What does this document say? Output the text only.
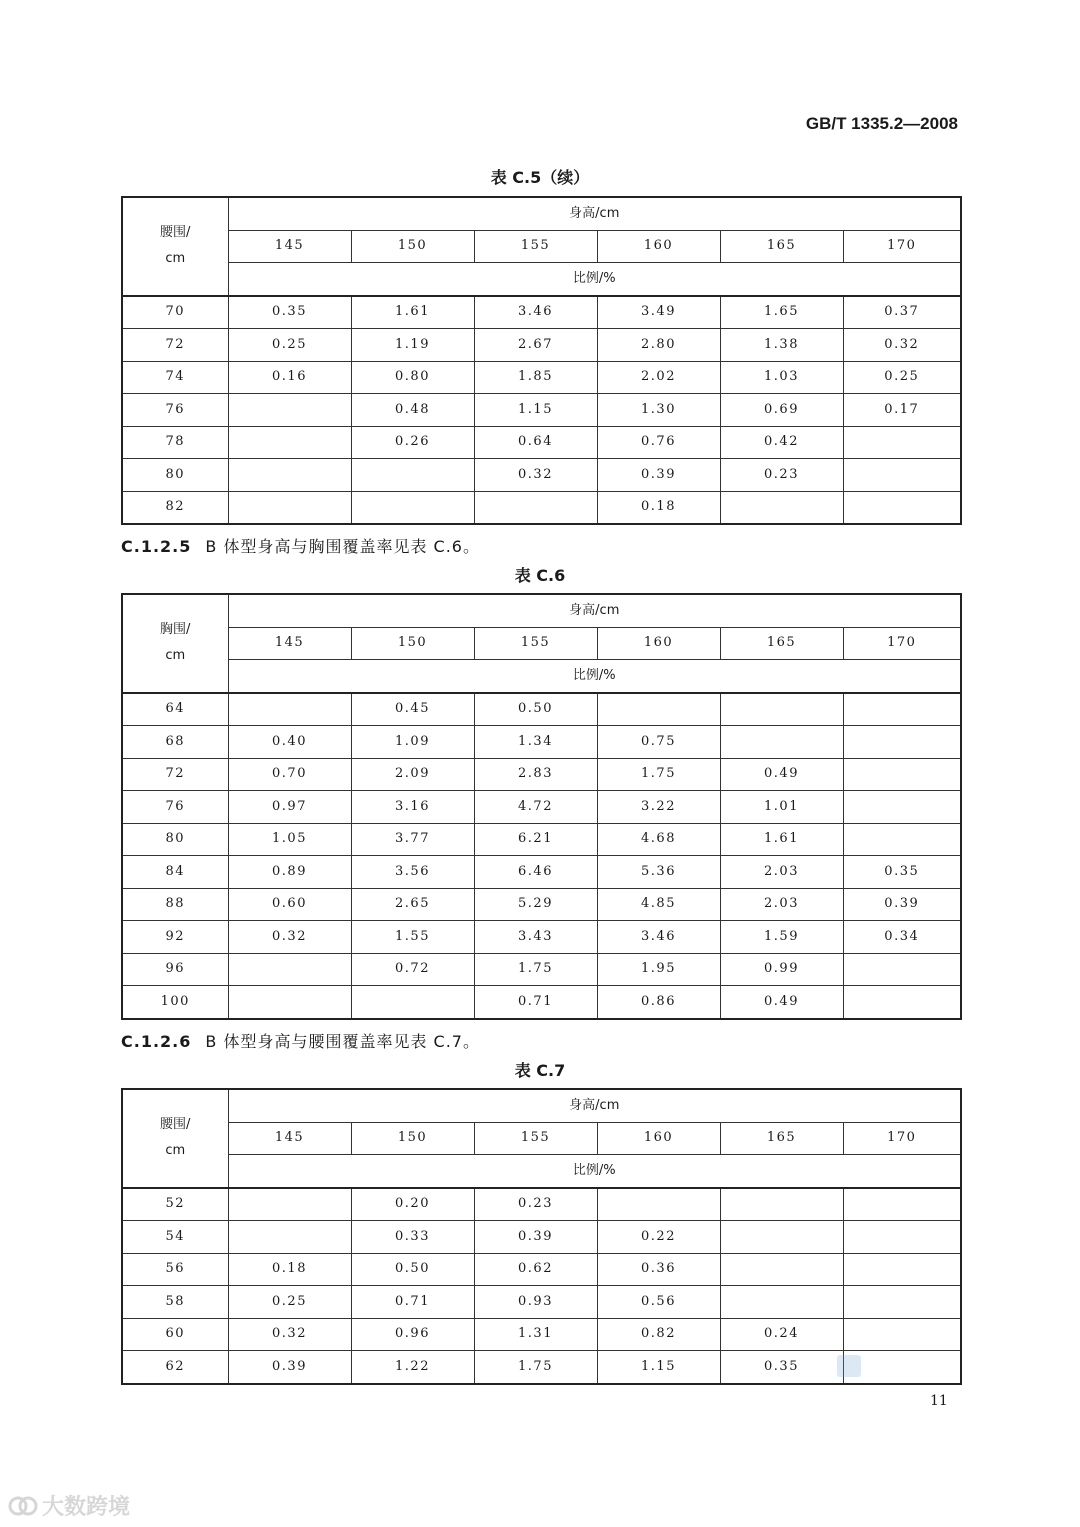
GB/T 1335.2—2008
表 C.5（续）
腰围/
cm	身高/cm					
	145	150	155	160	165	170
	比例/%					
70	0.35	1.61	3.46	3.49	1.65	0.37
72	0.25	1.19	2.67	2.80	1.38	0.32
74	0.16	0.80	1.85	2.02	1.03	0.25
76		0.48	1.15	1.30	0.69	0.17
78		0.26	0.64	0.76	0.42	
80			0.32	0.39	0.23	
82				0.18		
C.1.2.5 B 体型身高与胸围覆盖率见表 C.6。
表 C.6
胸围/
cm	身高/cm					
	145	150	155	160	165	170
	比例/%					
64		0.45	0.50			
68	0.40	1.09	1.34	0.75		
72	0.70	2.09	2.83	1.75	0.49	
76	0.97	3.16	4.72	3.22	1.01	
80	1.05	3.77	6.21	4.68	1.61	
84	0.89	3.56	6.46	5.36	2.03	0.35
88	0.60	2.65	5.29	4.85	2.03	0.39
92	0.32	1.55	3.43	3.46	1.59	0.34
96		0.72	1.75	1.95	0.99	
100			0.71	0.86	0.49	
C.1.2.6 B 体型身高与腰围覆盖率见表 C.7。
表 C.7
腰围/
cm	身高/cm					
	145	150	155	160	165	170
	比例/%					
52		0.20	0.23			
54		0.33	0.39	0.22		
56	0.18	0.50	0.62	0.36		
58	0.25	0.71	0.93	0.56		
60	0.32	0.96	1.31	0.82	0.24	
62	0.39	1.22	1.75	1.15	0.35	
11
大数跨境
